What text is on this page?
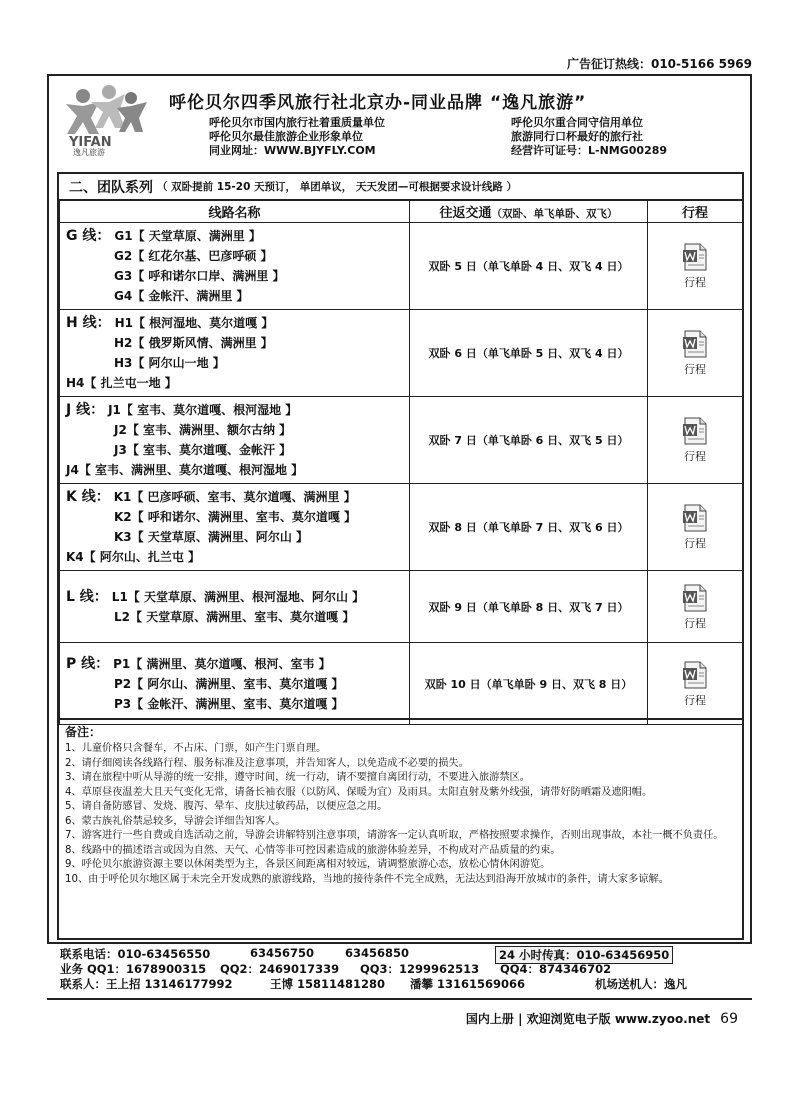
广告征订热线：010-5166 5969
YIFAN
逸凡旅游
呼伦贝尔四季风旅行社北京办-同业品牌 “逸凡旅游”
呼伦贝尔市国内旅行社着重质量单位
呼伦贝尔最佳旅游企业形象单位
同业网址：WWW.BJYFLY.COM
呼伦贝尔重合同守信用单位
旅游同行口杯最好的旅行社
经营许可证号：L-NMG00289
二、团队系列 （ 双卧提前 15-20 天预订， 单团单议， 天天发团—可根据要求设计线路 ）
线路名称	往返交通（双卧、单飞单卧、双飞）	行程

G 线： G1【 天堂草原、满洲里 】
G2【 红花尔基、巴彦呼硕 】
G3【 呼和诺尔口岸、满洲里 】
G4【 金帐汗、满洲里 】	双卧 5 日（单飞单卧 4 日、双飞 4 日）	行程

H 线： H1【 根河湿地、莫尔道嘎 】
H2【 俄罗斯风情、满洲里 】
H3【 阿尔山一地 】
H4【 扎兰屯一地 】	双卧 6 日（单飞单卧 5 日、双飞 4 日）	行程

J 线： J1【 室韦、莫尔道嘎、根河湿地 】
J2【 室韦、满洲里、额尔古纳 】
J3【 室韦、莫尔道嘎、金帐汗 】
J4【 室韦、满洲里、莫尔道嘎、根河湿地 】	双卧 7 日（单飞单卧 6 日、双飞 5 日）	行程

K 线： K1【 巴彦呼硕、室韦、莫尔道嘎、满洲里 】
K2【 呼和诺尔、满洲里、室韦、莫尔道嘎 】
K3【 天堂草原、满洲里、阿尔山 】
K4【 阿尔山、扎兰屯 】	双卧 8 日（单飞单卧 7 日、双飞 6 日）	行程

L 线： L1【 天堂草原、满洲里、根河湿地、阿尔山 】
L2【 天堂草原、满洲里、室韦、莫尔道嘎 】	双卧 9 日（单飞单卧 8 日、双飞 7 日）	行程

P 线： P1【 满洲里、莫尔道嘎、根河、室韦 】
P2【 阿尔山、满洲里、室韦、莫尔道嘎 】
P3【 金帐汗、满洲里、室韦、莫尔道嘎 】	双卧 10 日（单飞单卧 9 日、双飞 8 日）	行程
备注：
1、儿童价格只含餐车，不占床、门票，如产生门票自理。
2、请仔细阅读各线路行程、服务标准及注意事项，并告知客人，以免造成不必要的损失。
3、请在旅程中听从导游的统一安排，遵守时间，统一行动，请不要擅自离团行动，不要进入旅游禁区。
4、草原昼夜温差大且天气变化无常，请备长袖衣服（以防风、保暖为宜）及雨具。太阳直射及紫外线强，请带好防晒霜及遮阳帽。
5、请自备防感冒、发烧、腹泻、晕车、皮肤过敏药品，以便应急之用。
6、蒙古族礼俗禁忌较多，导游会详细告知客人。
7、游客进行一些自费或自选活动之前，导游会讲解特别注意事项，请游客一定认真听取，严格按照要求操作，否则出现事故，本社一概不负责任。
8、线路中的描述语言或因为自然、天气、心情等非可控因素造成的旅游体验差异，不构成对产品质量的约束。
9、呼伦贝尔旅游资源主要以休闲类型为主，各景区间距离相对较远，请调整旅游心态，放松心情休闲游览。
10、由于呼伦贝尔地区属于未完全开发成熟的旅游线路，当地的接待条件不完全成熟，无法达到沿海开放城市的条件，请大家多谅解。
联系电话：010-63456550	63456750	63456850	24 小时传真：010-63456950
业务 QQ1：1678900315 QQ2：2469017339 QQ3：1299962513 QQ4：874346702
联系人：王上招 13146177992	王博 15811481280 潘攀 13161569066	机场送机人：逸凡
国内上册 | 欢迎浏览电子版 www.zyoo.net 69
